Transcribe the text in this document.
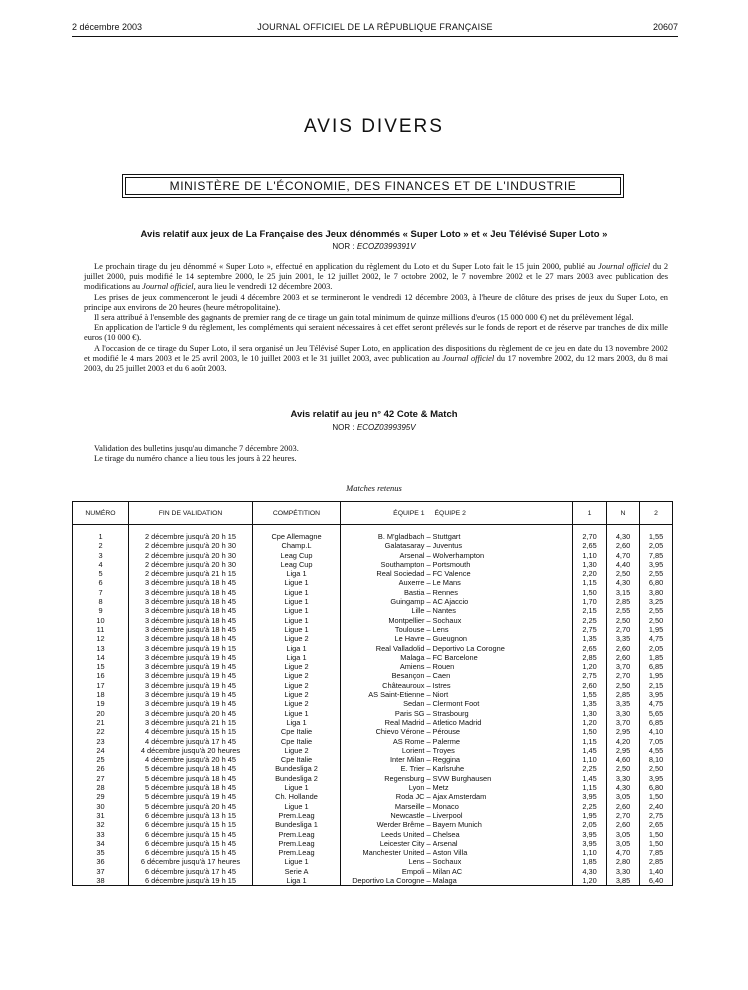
2 décembre 2003	JOURNAL OFFICIEL DE LA RÉPUBLIQUE FRANÇAISE	20607
AVIS DIVERS
MINISTÈRE DE L'ÉCONOMIE, DES FINANCES ET DE L'INDUSTRIE
Avis relatif aux jeux de La Française des Jeux dénommés « Super Loto » et « Jeu Télévisé Super Loto »
NOR : ECOZ0399391V

Le prochain tirage du jeu dénommé « Super Loto », effectué en application du règlement du Loto et du Super Loto fait le 15 juin 2000, publié au Journal officiel du 2 juillet 2000, puis modifié le 14 septembre 2000, le 25 juin 2001, le 12 juillet 2002, le 7 octobre 2002, le 7 novembre 2002 et le 27 mars 2003 avec publication des modifications au Journal officiel, aura lieu le vendredi 12 décembre 2003.

Les prises de jeux commenceront le jeudi 4 décembre 2003 et se termineront le vendredi 12 décembre 2003, à l'heure de clôture des prises de jeux du Super Loto, en principe aux environs de 20 heures (heure métropolitaine).

Il sera attribué à l'ensemble des gagnants de premier rang de ce tirage un gain total minimum de quinze millions d'euros (15 000 000 €) net du prélèvement légal.

En application de l'article 9 du règlement, les compléments qui seraient nécessaires à cet effet seront prélevés sur le fonds de report et de réserve par tranches de dix mille euros (10 000 €).

A l'occasion de ce tirage du Super Loto, il sera organisé un Jeu Télévisé Super Loto, en application des dispositions du règlement de ce jeu en date du 13 novembre 2002 et modifié le 4 mars 2003 et le 25 avril 2003, le 10 juillet 2003 et le 31 juillet 2003, avec publication au Journal officiel du 17 novembre 2002, du 12 mars 2003, du 8 mai 2003, du 25 juillet 2003 et du 6 août 2003.

Avis relatif au jeu n° 42 Cote & Match
NOR : ECOZ0399395V

Validation des bulletins jusqu'au dimanche 7 décembre 2003.

Le tirage du numéro chance a lieu tous les jours à 22 heures.

Matches retenus
NUMÉRO	FIN DE VALIDATION	COMPÉTITION	ÉQUIPE 1		ÉQUIPE 2	1	N	2

1	2 décembre jusqu'à 20 h 15	Cpe Allemagne	B. M'gladbach	–	Stuttgart	2,70	4,30	1,55
2	2 décembre jusqu'à 20 h 30	Champ.L	Galatasaray	–	Juventus	2,65	2,60	2,05
3	2 décembre jusqu'à 20 h 30	Leag Cup	Arsenal	–	Wolverhampton	1,10	4,70	7,85
4	2 décembre jusqu'à 20 h 30	Leag Cup	Southampton	–	Portsmouth	1,30	4,40	3,95
5	2 décembre jusqu'à 21 h 15	Liga 1	Real Sociedad	–	FC Valence	2,20	2,50	2,55
6	3 décembre jusqu'à 18 h 45	Ligue 1	Auxerre	–	Le Mans	1,15	4,30	6,80
7	3 décembre jusqu'à 18 h 45	Ligue 1	Bastia	–	Rennes	1,50	3,15	3,80
8	3 décembre jusqu'à 18 h 45	Ligue 1	Guingamp	–	AC Ajaccio	1,70	2,85	3,25
9	3 décembre jusqu'à 18 h 45	Ligue 1	Lille	–	Nantes	2,15	2,55	2,55
10	3 décembre jusqu'à 18 h 45	Ligue 1	Montpellier	–	Sochaux	2,25	2,50	2,50
11	3 décembre jusqu'à 18 h 45	Ligue 1	Toulouse	–	Lens	2,75	2,70	1,95
12	3 décembre jusqu'à 18 h 45	Ligue 2	Le Havre	–	Gueugnon	1,35	3,35	4,75
13	3 décembre jusqu'à 19 h 15	Liga 1	Real Valladolid	–	Deportivo La Corogne	2,65	2,60	2,05
14	3 décembre jusqu'à 19 h 45	Liga 1	Malaga	–	FC Barcelone	2,85	2,60	1,85
15	3 décembre jusqu'à 19 h 45	Ligue 2	Amiens	–	Rouen	1,20	3,70	6,85
16	3 décembre jusqu'à 19 h 45	Ligue 2	Besançon	–	Caen	2,75	2,70	1,95
17	3 décembre jusqu'à 19 h 45	Ligue 2	Châteauroux	–	Istres	2,60	2,50	2,15
18	3 décembre jusqu'à 19 h 45	Ligue 2	AS Saint-Etienne	–	Niort	1,55	2,85	3,95
19	3 décembre jusqu'à 19 h 45	Ligue 2	Sedan	–	Clermont Foot	1,35	3,35	4,75
20	3 décembre jusqu'à 20 h 45	Ligue 1	Paris SG	–	Strasbourg	1,30	3,30	5,65
21	3 décembre jusqu'à 21 h 15	Liga 1	Real Madrid	–	Atletico Madrid	1,20	3,70	6,85
22	4 décembre jusqu'à 15 h 15	Cpe Italie	Chievo Vérone	–	Pérouse	1,50	2,95	4,10
23	4 décembre jusqu'à 17 h 45	Cpe Italie	AS Rome	–	Palerme	1,15	4,20	7,05
24	4 décembre jusqu'à 20 heures	Ligue 2	Lorient	–	Troyes	1,45	2,95	4,55
25	4 décembre jusqu'à 20 h 45	Cpe Italie	Inter Milan	–	Reggina	1,10	4,60	8,10
26	5 décembre jusqu'à 18 h 45	Bundesliga 2	E. Trier	–	Karlsruhe	2,25	2,50	2,50
27	5 décembre jusqu'à 18 h 45	Bundesliga 2	Regensburg	–	SVW Burghausen	1,45	3,30	3,95
28	5 décembre jusqu'à 18 h 45	Ligue 1	Lyon	–	Metz	1,15	4,30	6,80
29	5 décembre jusqu'à 19 h 45	Ch. Hollande	Roda JC	–	Ajax Amsterdam	3,95	3,05	1,50
30	5 décembre jusqu'à 20 h 45	Ligue 1	Marseille	–	Monaco	2,25	2,60	2,40
31	6 décembre jusqu'à 13 h 15	Prem.Leag	Newcastle	–	Liverpool	1,95	2,70	2,75
32	6 décembre jusqu'à 15 h 15	Bundesliga 1	Werder Brême	–	Bayern Munich	2,05	2,60	2,65
33	6 décembre jusqu'à 15 h 45	Prem.Leag	Leeds United	–	Chelsea	3,95	3,05	1,50
34	6 décembre jusqu'à 15 h 45	Prem.Leag	Leicester City	–	Arsenal	3,95	3,05	1,50
35	6 décembre jusqu'à 15 h 45	Prem.Leag	Manchester United	–	Aston Villa	1,10	4,70	7,85
36	6 décembre jusqu'à 17 heures	Ligue 1	Lens	–	Sochaux	1,85	2,80	2,85
37	6 décembre jusqu'à 17 h 45	Serie A	Empoli	–	Milan AC	4,30	3,30	1,40
38	6 décembre jusqu'à 19 h 15	Liga 1	Deportivo La Corogne	–	Malaga	1,20	3,85	6,40
